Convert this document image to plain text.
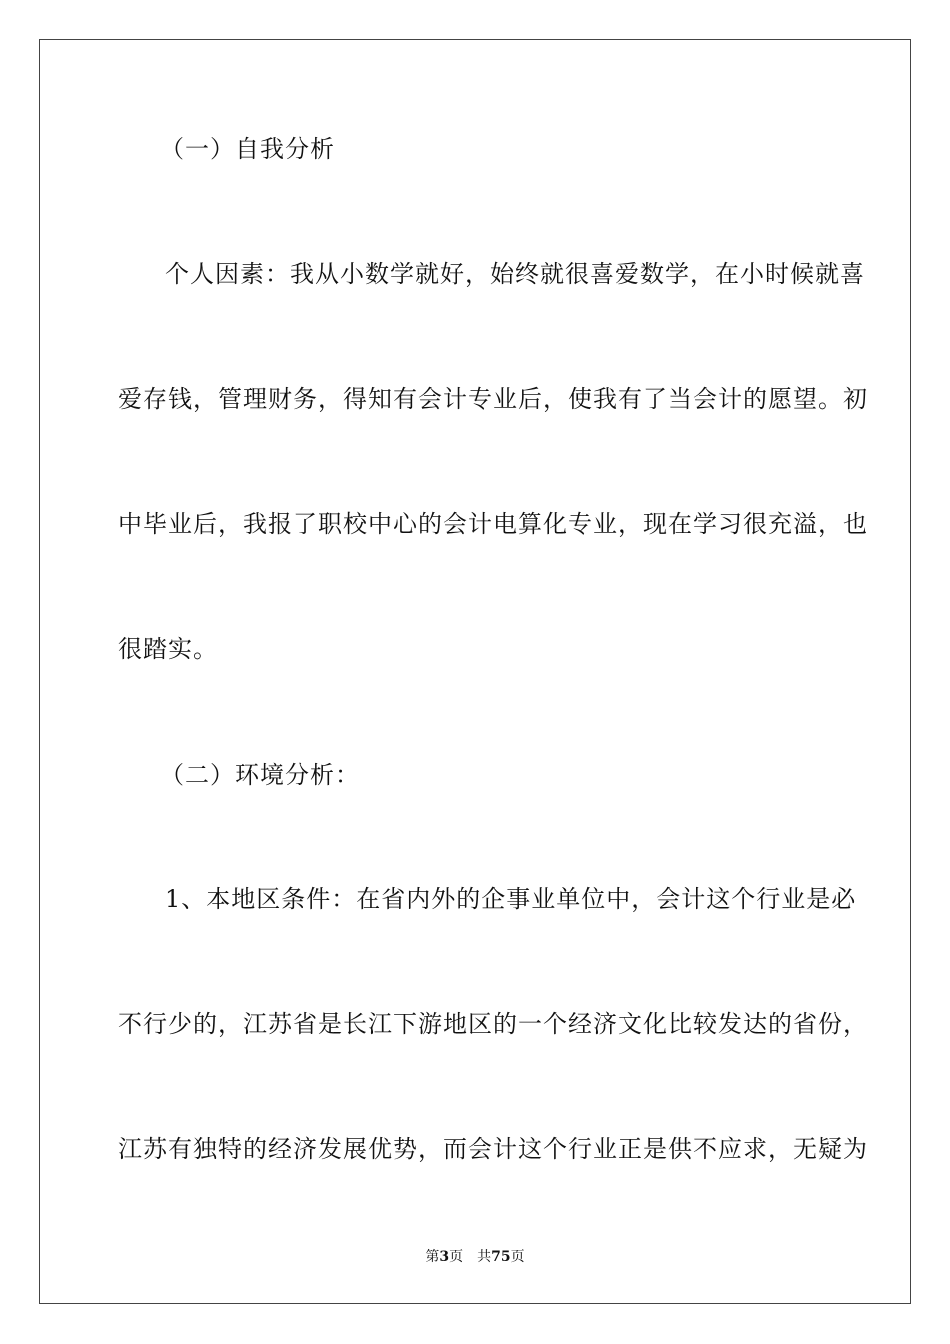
（一）自我分析
个人因素：我从小数学就好，始终就很喜爱数学，在小时候就喜
爱存钱，管理财务，得知有会计专业后，使我有了当会计的愿望。初
中毕业后，我报了职校中心的会计电算化专业，现在学习很充溢，也
很踏实。
（二）环境分析：
1、本地区条件：在省内外的企事业单位中，会计这个行业是必
不行少的，江苏省是长江下游地区的一个经济文化比较发达的省份，
江苏有独特的经济发展优势，而会计这个行业正是供不应求，无疑为
第3页 共75页
